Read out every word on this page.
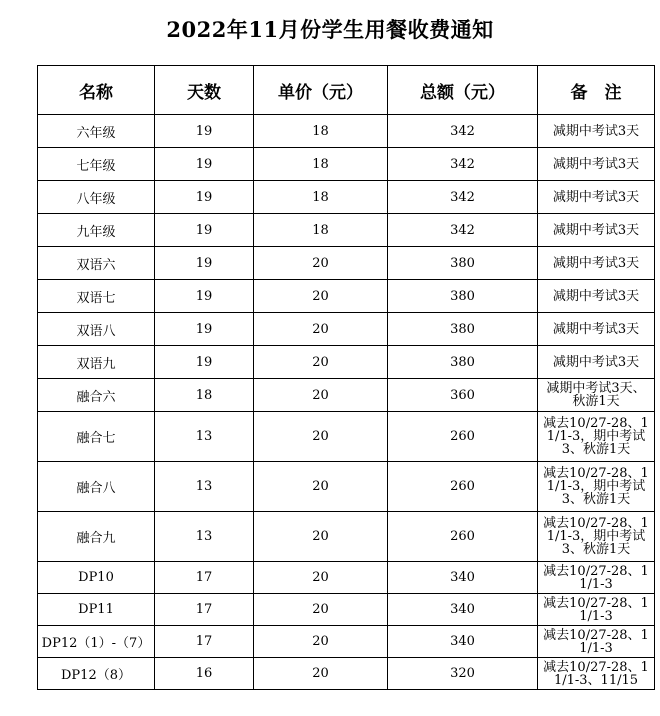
2022年11月份学生用餐收费通知
名称	天数	单价（元）	总额（元）	备　注
六年级	19	18	342	减期中考试3天
七年级	19	18	342	减期中考试3天
八年级	19	18	342	减期中考试3天
九年级	19	18	342	减期中考试3天
双语六	19	20	380	减期中考试3天
双语七	19	20	380	减期中考试3天
双语八	19	20	380	减期中考试3天
双语九	19	20	380	减期中考试3天
融合六	18	20	360	减期中考试3天、秋游1天
融合七	13	20	260	减去10/27-28、11/1-3，期中考试3、秋游1天
融合八	13	20	260	减去10/27-28、11/1-3，期中考试3、秋游1天
融合九	13	20	260	减去10/27-28、11/1-3，期中考试3、秋游1天
DP10	17	20	340	减去10/27-28、11/1-3
DP11	17	20	340	减去10/27-28、11/1-3
DP12（1）-（7）	17	20	340	减去10/27-28、11/1-3
DP12（8）	16	20	320	减去10/27-28、11/1-3、11/15
